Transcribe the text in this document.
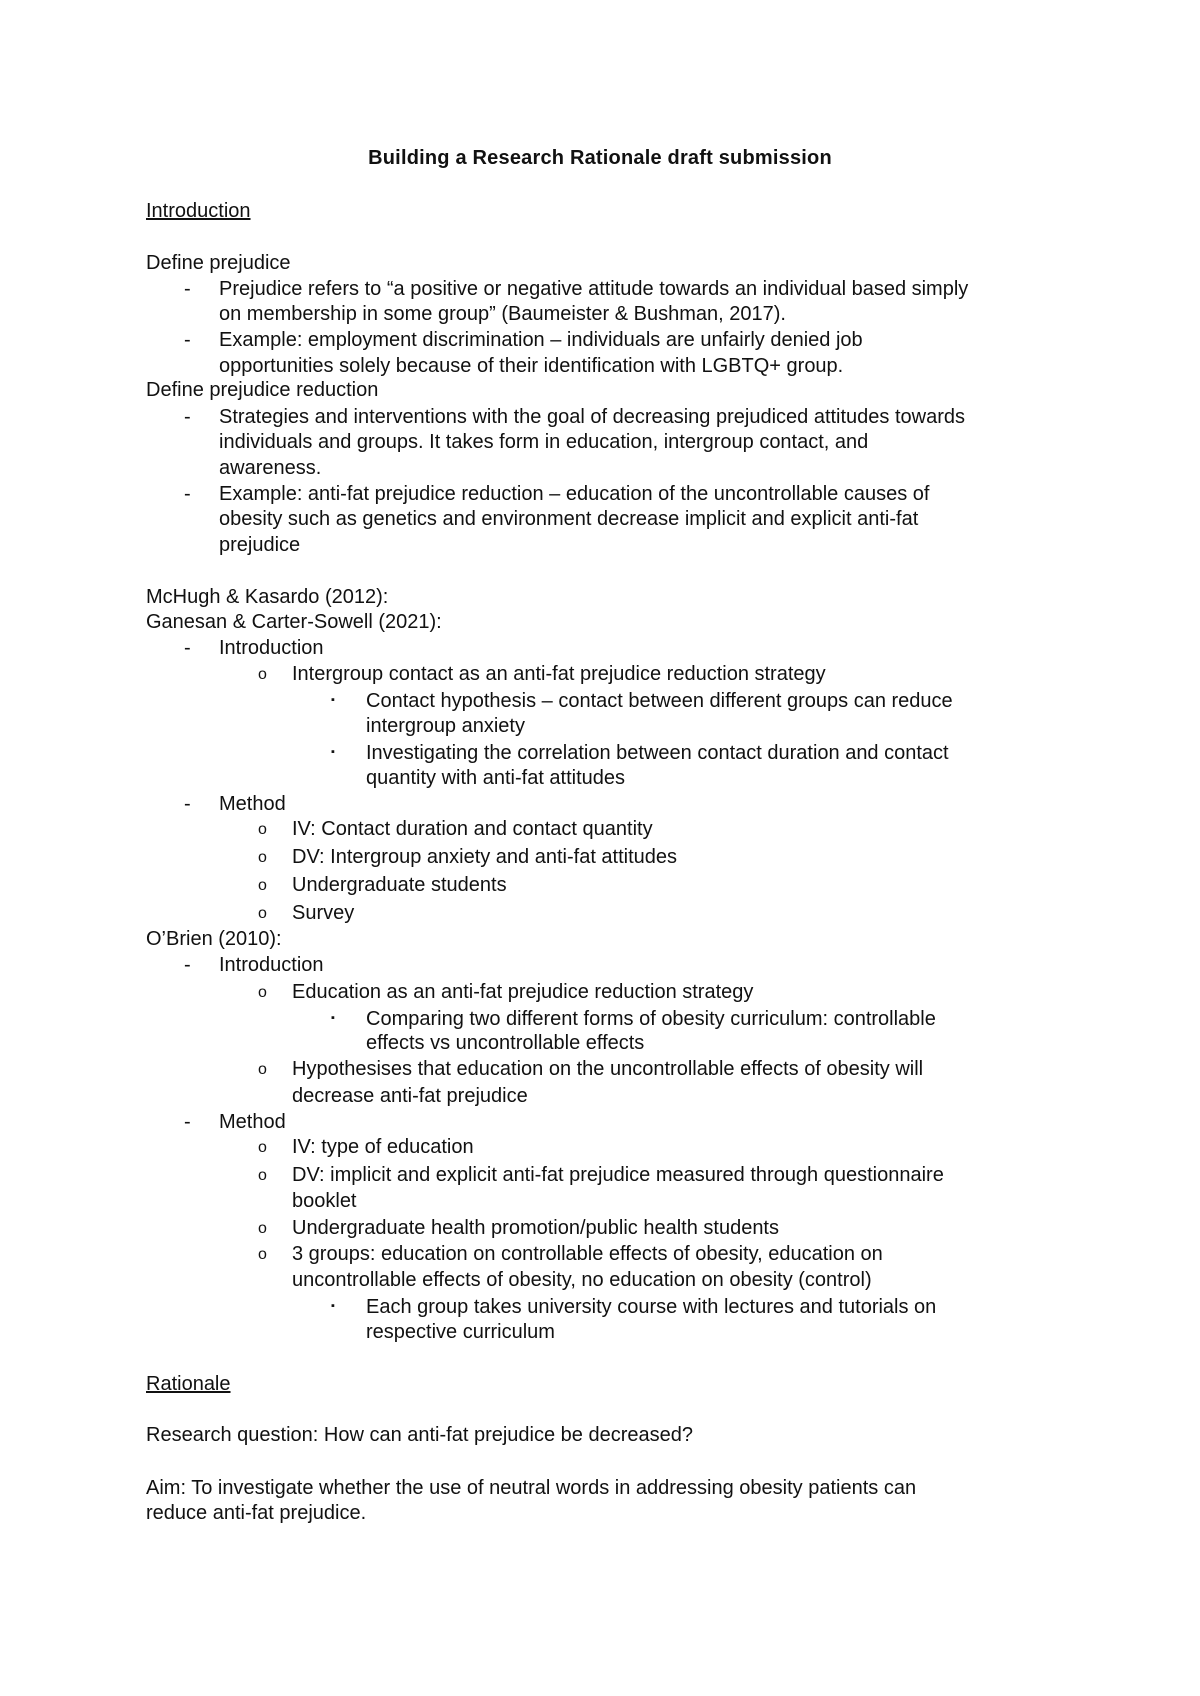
Building a Research Rationale draft submission
Introduction
Define prejudice
- Prejudice refers to “a positive or negative attitude towards an individual based simply
on membership in some group” (Baumeister & Bushman, 2017).
- Example: employment discrimination – individuals are unfairly denied job
opportunities solely because of their identification with LGBTQ+ group.
Define prejudice reduction
- Strategies and interventions with the goal of decreasing prejudiced attitudes towards
individuals and groups. It takes form in education, intergroup contact, and
awareness.
- Example: anti-fat prejudice reduction – education of the uncontrollable causes of
obesity such as genetics and environment decrease implicit and explicit anti-fat
prejudice
McHugh & Kasardo (2012):
Ganesan & Carter-Sowell (2021):
- Introduction
o Intergroup contact as an anti-fat prejudice reduction strategy
▪ Contact hypothesis – contact between different groups can reduce
intergroup anxiety
▪ Investigating the correlation between contact duration and contact
quantity with anti-fat attitudes
- Method
o IV: Contact duration and contact quantity
o DV: Intergroup anxiety and anti-fat attitudes
o Undergraduate students
o Survey
O’Brien (2010):
- Introduction
o Education as an anti-fat prejudice reduction strategy
▪ Comparing two different forms of obesity curriculum: controllable
effects vs uncontrollable effects
o Hypothesises that education on the uncontrollable effects of obesity will
decrease anti-fat prejudice
- Method
o IV: type of education
o DV: implicit and explicit anti-fat prejudice measured through questionnaire
booklet
o Undergraduate health promotion/public health students
o 3 groups: education on controllable effects of obesity, education on
uncontrollable effects of obesity, no education on obesity (control)
▪ Each group takes university course with lectures and tutorials on
respective curriculum
Rationale
Research question: How can anti-fat prejudice be decreased?
Aim: To investigate whether the use of neutral words in addressing obesity patients can
reduce anti-fat prejudice.
